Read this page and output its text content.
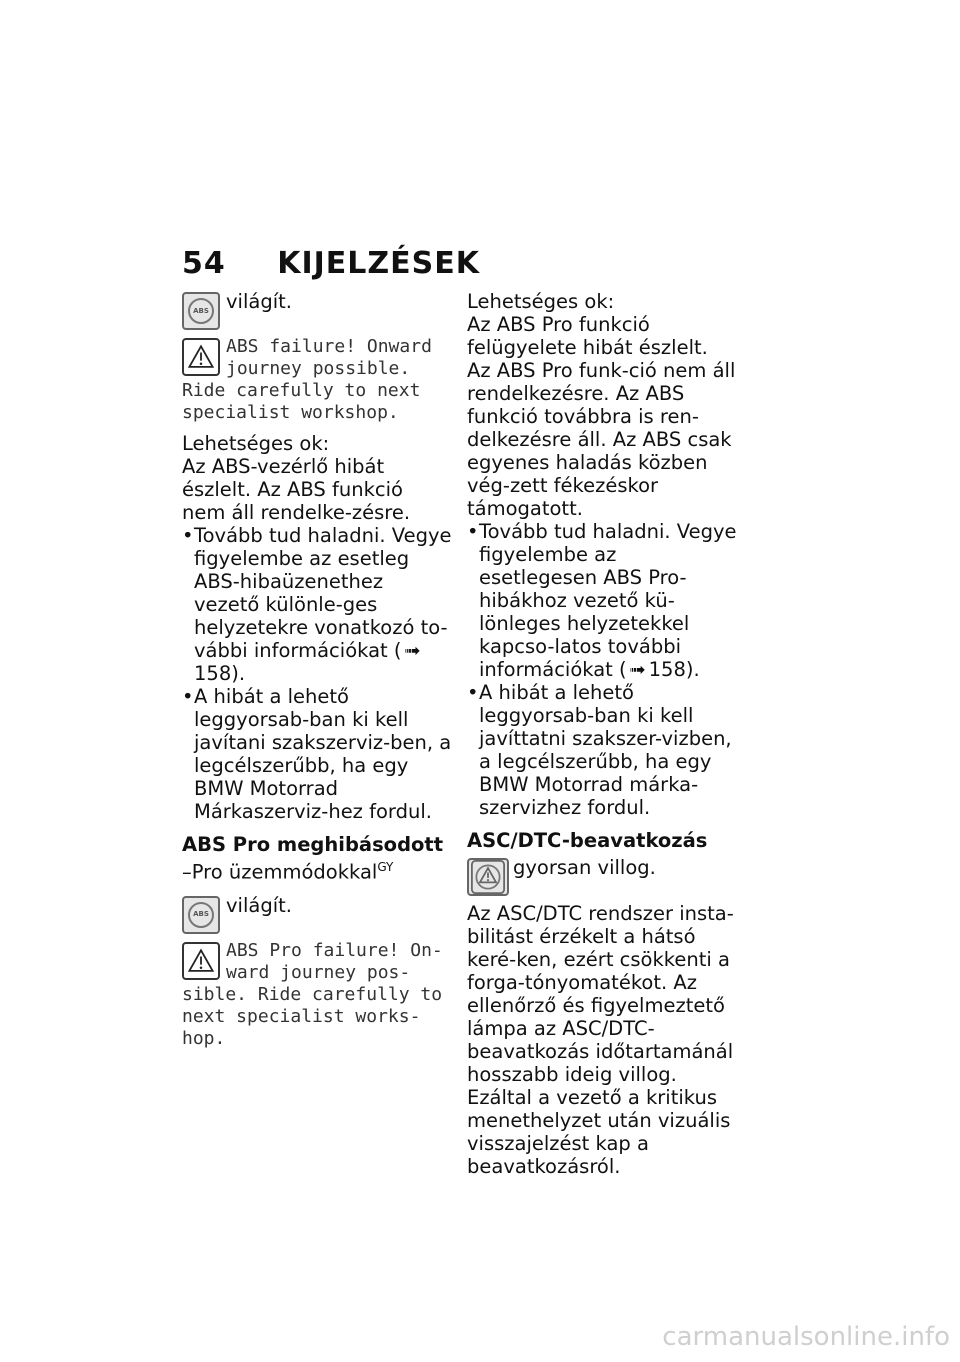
54 KIJELZÉSEK
ABS világít.
ABS failure! Onward journey possible.
Ride carefully to next specialist workshop.

Lehetséges ok:

Az ABS-vezérlő hibát észlelt. Az ABS funkció nem áll rendelke-zésre.

• Tovább tud haladni. Vegye figyelembe az esetleg ABS-hibaüzenethez vezető különle-ges helyzetekre vonatkozó to-vábbi információkat ( ➟158).
• A hibát a lehető leggyorsab-ban ki kell javítani szakszerviz-ben, a legcélszerűbb, ha egy BMW Motorrad Márkaszerviz-hez fordul.

ABS Pro meghibásodott

–Pro üzemmódokkal$^{GY}$

ABS világít.
ABS Pro failure! On-ward journey pos-
sible. Ride carefully to next specialist works-hop.

Lehetséges ok:

Az ABS Pro funkció felügyelete hibát észlelt. Az ABS Pro funk-ció nem áll rendelkezésre. Az ABS funkció továbbra is ren-delkezésre áll. Az ABS csak egyenes haladás közben vég-zett fékezéskor támogatott.

• Tovább tud haladni. Vegye figyelembe az esetlegesen ABS Pro-hibákhoz vezető kü-lönleges helyzetekkel kapcso-latos további információkat ( ➟ 158).
• A hibát a lehető leggyorsab-ban ki kell javíttatni szakszer-vizben, a legcélszerűbb, ha egy BMW Motorrad márka-szervizhez fordul.

ASC/DTC-beavatkozás

gyorsan villog.

Az ASC/DTC rendszer insta-bilitást érzékelt a hátsó keré-ken, ezért csökkenti a forga-tónyomatékot. Az ellenőrző és figyelmeztető lámpa az ASC/DTC-beavatkozás időtartamánál hosszabb ideig villog. Ezáltal a vezető a kritikus menethelyzet után vizuális visszajelzést kap a beavatkozásról.

carmanualsonline.info
